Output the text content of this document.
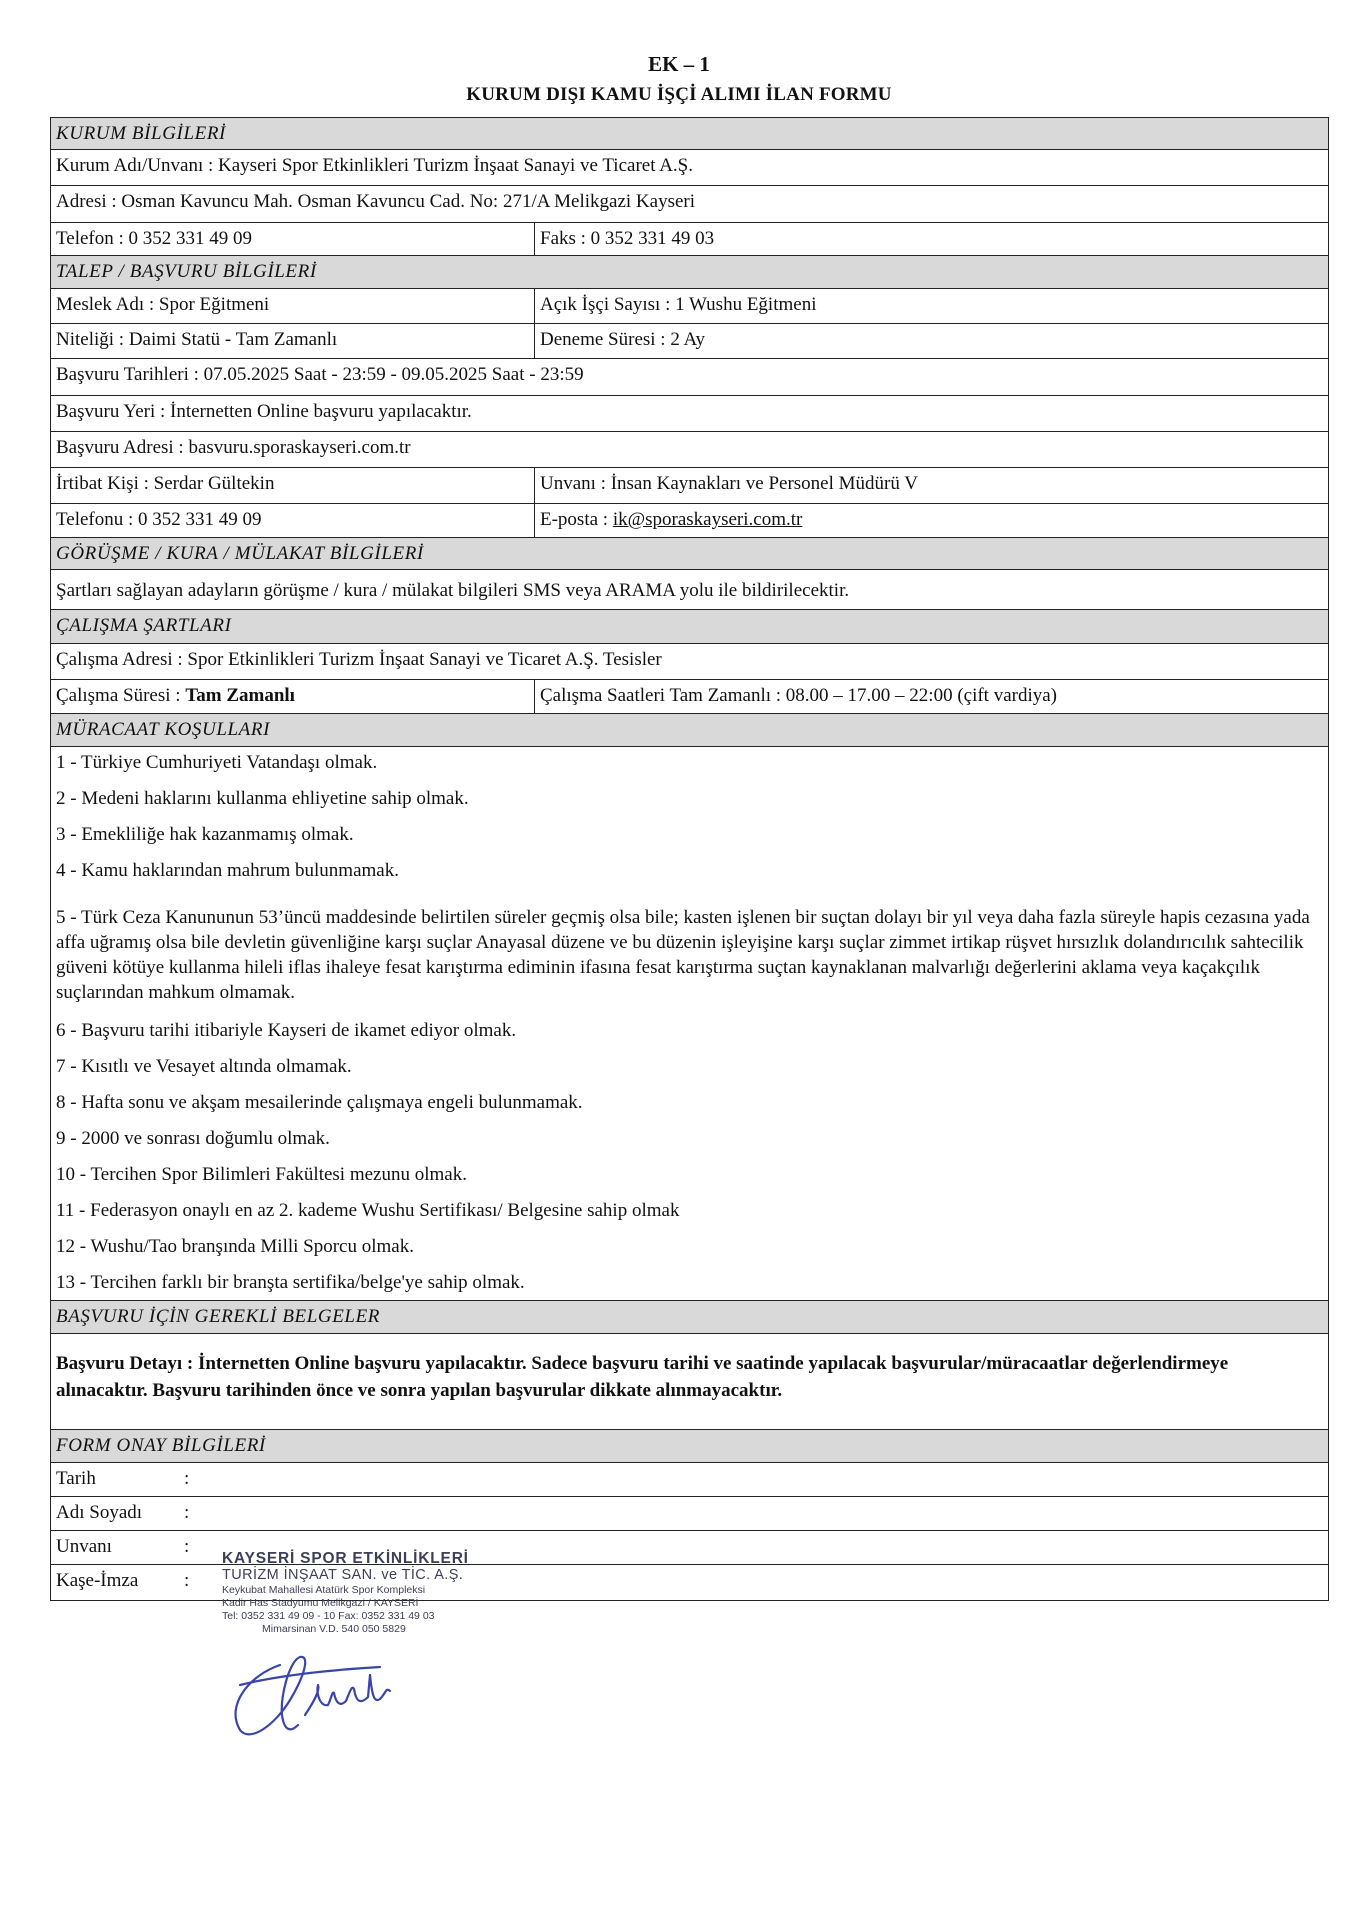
EK – 1
KURUM DIŞI KAMU İŞÇİ ALIMI İLAN FORMU
KURUM BİLGİLERİ
Kurum Adı/Unvanı : Kayseri Spor Etkinlikleri Turizm İnşaat Sanayi ve Ticaret A.Ş.
Adresi : Osman Kavuncu Mah. Osman Kavuncu Cad. No: 271/A Melikgazi Kayseri
Telefon : 0 352 331 49 09	Faks : 0 352 331 49 03
TALEP / BAŞVURU BİLGİLERİ
Meslek Adı : Spor Eğitmeni	Açık İşçi Sayısı : 1 Wushu Eğitmeni
Niteliği : Daimi Statü - Tam Zamanlı	Deneme Süresi : 2 Ay
Başvuru Tarihleri : 07.05.2025 Saat - 23:59 - 09.05.2025 Saat - 23:59
Başvuru Yeri : İnternetten Online başvuru yapılacaktır.
Başvuru Adresi : basvuru.sporaskayseri.com.tr
İrtibat Kişi : Serdar Gültekin	Unvanı : İnsan Kaynakları ve Personel Müdürü V
Telefonu : 0 352 331 49 09	E-posta : ik@sporaskayseri.com.tr
GÖRÜŞME / KURA / MÜLAKAT BİLGİLERİ
Şartları sağlayan adayların görüşme / kura / mülakat bilgileri SMS veya ARAMA yolu ile bildirilecektir.
ÇALIŞMA ŞARTLARI
Çalışma Adresi : Spor Etkinlikleri Turizm İnşaat Sanayi ve Ticaret A.Ş. Tesisler
Çalışma Süresi : Tam Zamanlı	Çalışma Saatleri Tam Zamanlı : 08.00 – 17.00 – 22:00 (çift vardiya)
MÜRACAAT KOŞULLARI
1 - Türkiye Cumhuriyeti Vatandaşı olmak.
2 - Medeni haklarını kullanma ehliyetine sahip olmak.
3 - Emekliliğe hak kazanmamış olmak.
4 - Kamu haklarından mahrum bulunmamak.
5 - Türk Ceza Kanununun 53’üncü maddesinde belirtilen süreler geçmiş olsa bile; kasten işlenen bir suçtan dolayı bir yıl veya daha fazla süreyle hapis cezasına yada affa uğramış olsa bile devletin güvenliğine karşı suçlar Anayasal düzene ve bu düzenin işleyişine karşı suçlar zimmet irtikap rüşvet hırsızlık dolandırıcılık sahtecilik güveni kötüye kullanma hileli iflas ihaleye fesat karıştırma ediminin ifasına fesat karıştırma suçtan kaynaklanan malvarlığı değerlerini aklama veya kaçakçılık suçlarından mahkum olmamak.
6 - Başvuru tarihi itibariyle Kayseri de ikamet ediyor olmak.
7 - Kısıtlı ve Vesayet altında olmamak.
8 - Hafta sonu ve akşam mesailerinde çalışmaya engeli bulunmamak.
9 - 2000 ve sonrası doğumlu olmak.
10 - Tercihen Spor Bilimleri Fakültesi mezunu olmak.
11 - Federasyon onaylı en az 2. kademe Wushu Sertifikası/ Belgesine sahip olmak
12 - Wushu/Tao branşında Milli Sporcu olmak.
13 - Tercihen farklı bir branşta sertifika/belge'ye sahip olmak.
BAŞVURU İÇİN GEREKLİ BELGELER
Başvuru Detayı : İnternetten Online başvuru yapılacaktır. Sadece başvuru tarihi ve saatinde yapılacak başvurular/müracaatlar değerlendirmeye alınacaktır. Başvuru tarihinden önce ve sonra yapılan başvurular dikkate alınmayacaktır.
FORM ONAY BİLGİLERİ
Tarih	:
Adı Soyadı :
Unvanı	:
Kaşe-İmza :
KAYSERİ SPOR ETKİNLİKLERİ
TURİZM İNŞAAT SAN. ve TİC. A.Ş.
Keykubat Mahallesi Atatürk Spor Kompleksi
Kadir Has Stadyumu Melikgazi / KAYSERİ
Tel: 0352 331 49 09 - 10 Fax: 0352 331 49 03
Mimarsinan V.D. 540 050 5829
